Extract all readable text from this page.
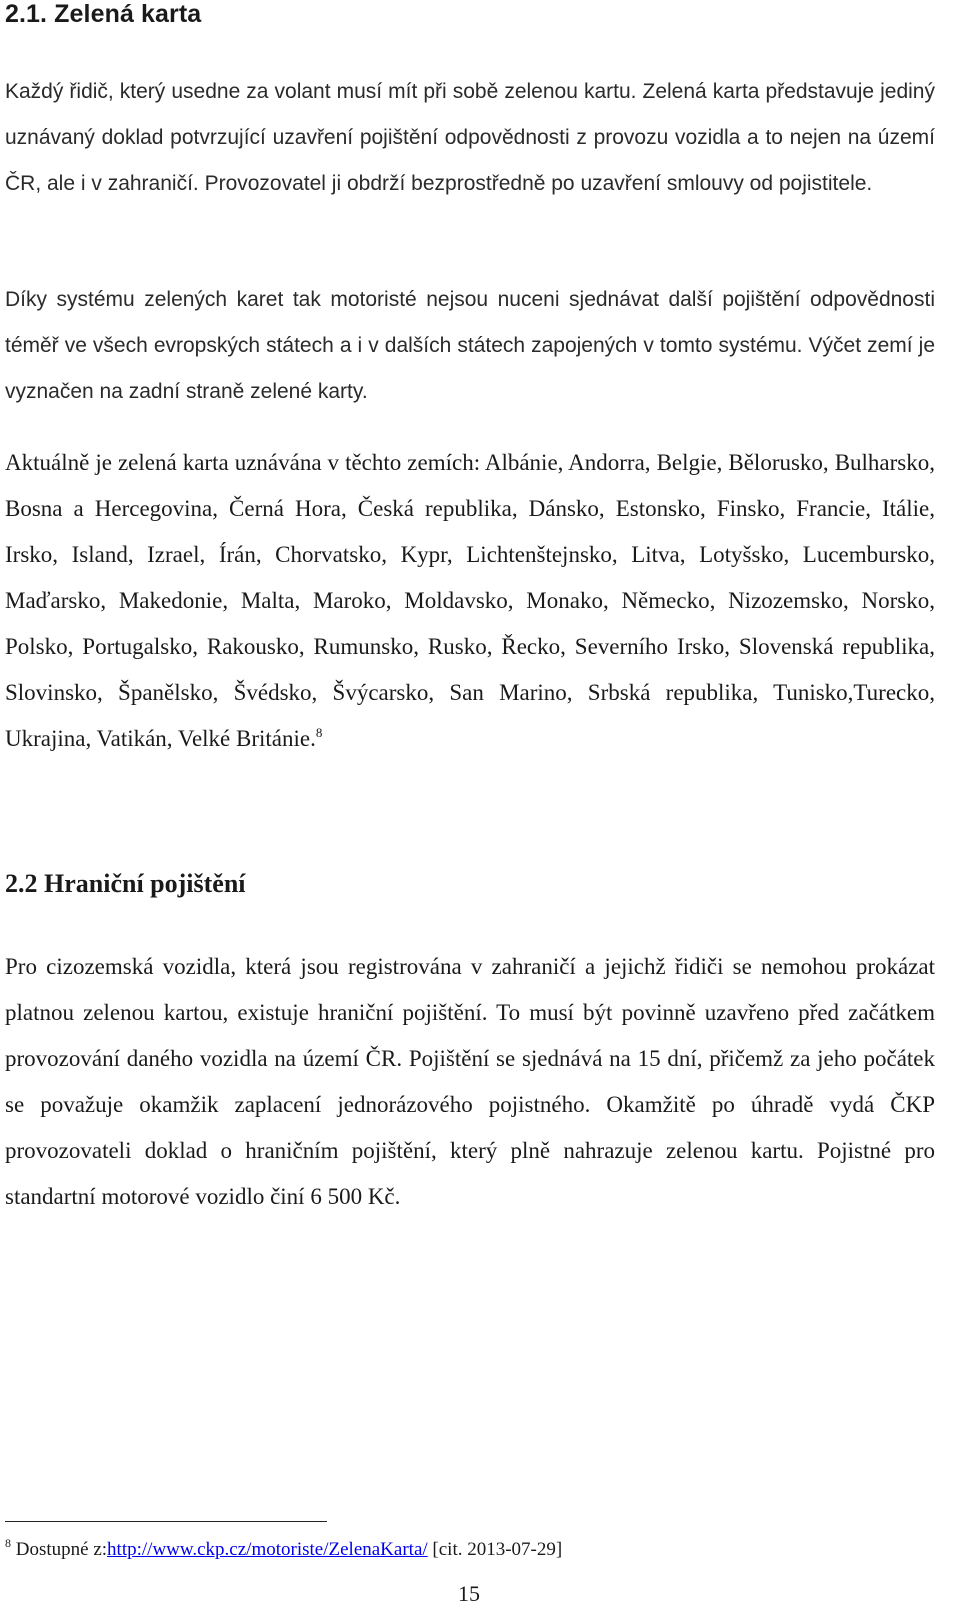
2.1. Zelená karta

Každý řidič, který usedne za volant musí mít při sobě zelenou kartu. Zelená karta představuje jediný uznávaný doklad potvrzující uzavření pojištění odpovědnosti z provozu vozidla a to nejen na území ČR, ale i v zahraničí. Provozovatel ji obdrží bezprostředně po uzavření smlouvy od pojistitele.

Díky systému zelených karet tak motoristé nejsou nuceni sjednávat další pojištění odpovědnosti téměř ve všech evropských státech a i v dalších státech zapojených v tomto systému. Výčet zemí je vyznačen na zadní straně zelené karty.

Aktuálně je zelená karta uznávána v těchto zemích: Albánie, Andorra, Belgie, Bělorusko, Bulharsko, Bosna a Hercegovina, Černá Hora, Česká republika, Dánsko, Estonsko, Finsko, Francie, Itálie, Irsko, Island, Izrael, Írán, Chorvatsko, Kypr, Lichtenštejnsko, Litva, Lotyšsko, Lucembursko, Maďarsko, Makedonie, Malta, Maroko, Moldavsko, Monako, Německo, Nizozemsko, Norsko, Polsko, Portugalsko, Rakousko, Rumunsko, Rusko, Řecko, Severního Irsko, Slovenská republika, Slovinsko, Španělsko, Švédsko, Švýcarsko, San Marino, Srbská republika, Tunisko,Turecko, Ukrajina, Vatikán, Velké Británie.$^8$

2.2 Hraniční pojištění

Pro cizozemská vozidla, která jsou registrována v zahraničí a jejichž řidiči se nemohou prokázat platnou zelenou kartou, existuje hraniční pojištění. To musí být povinně uzavřeno před začátkem provozování daného vozidla na území ČR. Pojištění se sjednává na 15 dní, přičemž za jeho počátek se považuje okamžik zaplacení jednorázového pojistného. Okamžitě po úhradě vydá ČKP provozovateli doklad o hraničním pojištění, který plně nahrazuje zelenou kartu. Pojistné pro standartní motorové vozidlo činí 6 500 Kč.

$^8$ Dostupné z:http://www.ckp.cz/motoriste/ZelenaKarta/ [cit. 2013-07-29]
15
